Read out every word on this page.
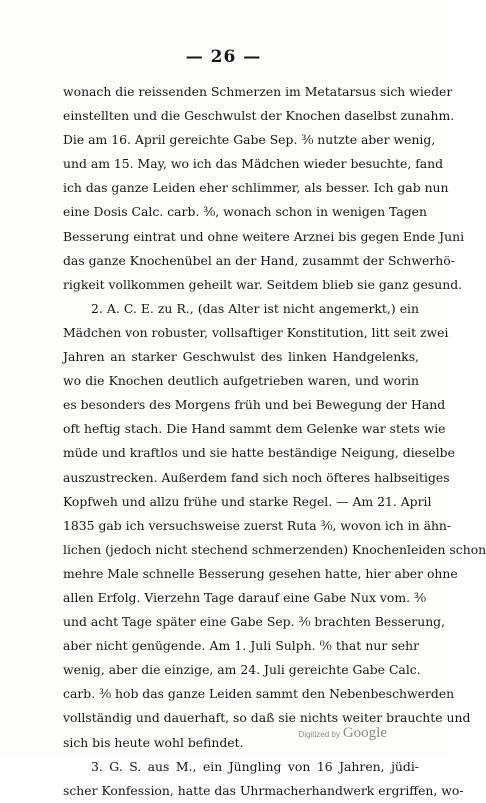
— 26 —
wonach die reissenden Schmerzen im Metatarsus sich wieder
einstellten und die Geschwulst der Knochen daselbst zunahm.
Die am 16. April gereichte Gabe Sep. ³⁄₀ nutzte aber wenig,
und am 15. May, wo ich das Mädchen wieder besuchte, fand
ich das ganze Leiden eher schlimmer, als besser. Ich gab nun
eine Dosis Calc. carb. ³⁄₀, wonach schon in wenigen Tagen
Besserung eintrat und ohne weitere Arznei bis gegen Ende Juni
das ganze Knochenübel an der Hand, zusammt der Schwerhö-
rigkeit vollkommen geheilt war. Seitdem blieb sie ganz gesund.
2. A. C. E. zu R., (das Alter ist nicht angemerkt,) ein
Mädchen von robuster, vollsaftiger Konstitution, litt seit zwei
Jahren an starker Geschwulst des linken Handgelenks,
wo die Knochen deutlich aufgetrieben waren, und worin
es besonders des Morgens früh und bei Bewegung der Hand
oft heftig stach. Die Hand sammt dem Gelenke war stets wie
müde und kraftlos und sie hatte beständige Neigung, dieselbe
auszustrecken. Außerdem fand sich noch öfteres halbseitiges
Kopfweh und allzu frühe und starke Regel. — Am 21. April
1835 gab ich versuchsweise zuerst Ruta ³⁄₀, wovon ich in ähn-
lichen (jedoch nicht stechend schmerzenden) Knochenleiden schon
mehre Male schnelle Besserung gesehen hatte, hier aber ohne
allen Erfolg. Vierzehn Tage darauf eine Gabe Nux vom. ³⁄₀
und acht Tage später eine Gabe Sep. ³⁄₀ brachten Besserung,
aber nicht genügende. Am 1. Juli Sulph. ⁰⁄₀ that nur sehr
wenig, aber die einzige, am 24. Juli gereichte Gabe Calc.
carb. ³⁄₀ hob das ganze Leiden sammt den Nebenbeschwerden
vollständig und dauerhaft, so daß sie nichts weiter brauchte und
sich bis heute wohl befindet.
3. G. S. aus M., ein Jüngling von 16 Jahren, jüdi-
scher Konfession, hatte das Uhrmacherhandwerk ergriffen, wo-
Digitized by Google
